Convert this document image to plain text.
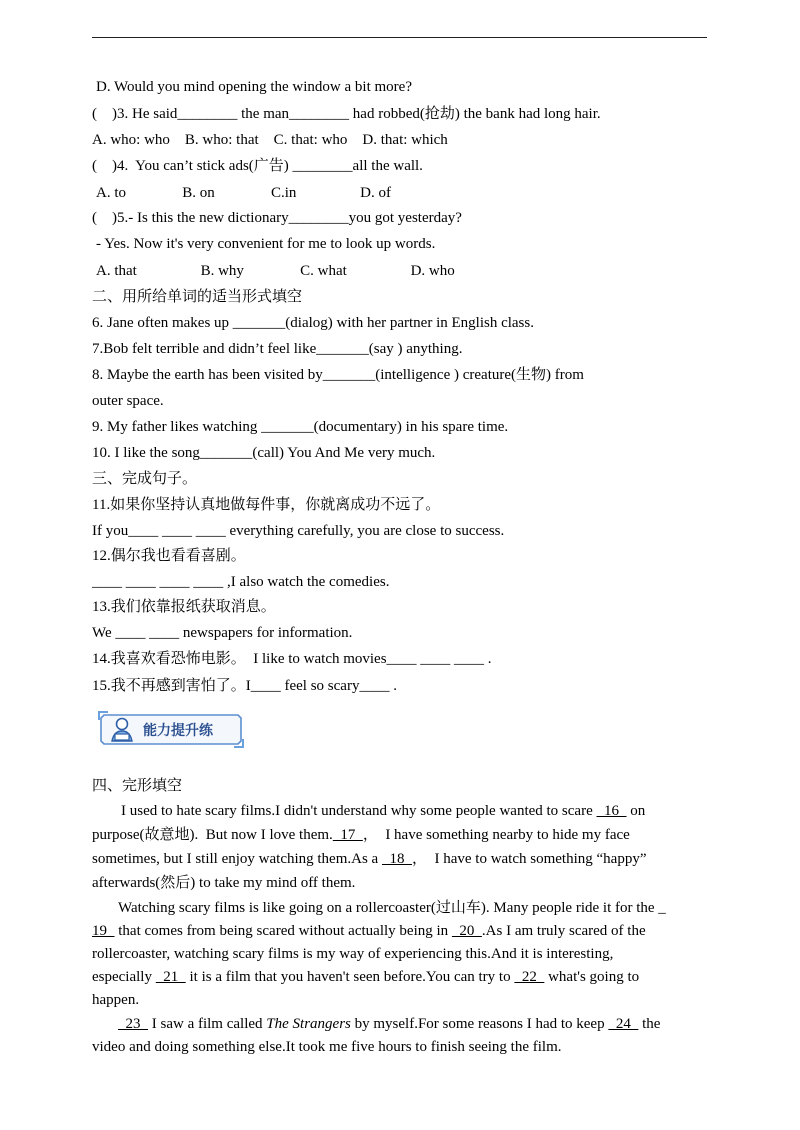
D. Would you mind opening the window a bit more?
(    )3. He said________ the man________ had robbed(抢劫) the bank had long hair.
A. who: who    B. who: that    C. that: who    D. that: which
(    )4.  You can’t stick ads(广告) ________all the wall.
A. to               B. on               C.in                 D. of
(    )5.- Is this the new dictionary________you got yesterday?
- Yes. Now it's very convenient for me to look up words.
A. that                 B. why               C. what                 D. who
二、用所给单词的适当形式填空
6. Jane often makes up _______(dialog) with her partner in English class.
7.Bob felt terrible and didn’t feel like_______(say ) anything.
8. Maybe the earth has been visited by_______(intelligence ) creature(生物) from
outer space.
9. My father likes watching _______(documentary) in his spare time.
10. I like the song_______(call) You And Me very much.
三、完成句子。
11.如果你坚持认真地做每件事，你就离成功不远了。
If you____ ____ ____ everything carefully, you are close to success.
12.偶尔我也看看喜剧。
____ ____ ____ ____ ,I also watch the comedies.
13.我们依靠报纸获取消息。
We ____ ____ newspapers for information.
14.我喜欢看恐怖电影。  I like to watch movies____ ____ ____ .
15.我不再感到害怕了。I____ feel so scary____ .
能力提升练
四、完形填空
I used to hate scary films.I didn't understand why some people wanted to scare   16   on
purpose(故意地).  But now I love them.  17  ，  I have something nearby to hide my face
sometimes, but I still enjoy watching them.As a   18  ，  I have to watch something “happy”
afterwards(然后) to take my mind off them.
Watching scary films is like going on a rollercoaster(过山车). Many people ride it for the _
19   that comes from being scared without actually being in   20  .As I am truly scared of the
rollercoaster, watching scary films is my way of experiencing this.And it is interesting,
especially   21   it is a film that you haven't seen before.You can try to   22   what's going to
happen.
23   I saw a film called The Strangers by myself.For some reasons I had to keep   24   the
video and doing something else.It took me five hours to finish seeing the film.
